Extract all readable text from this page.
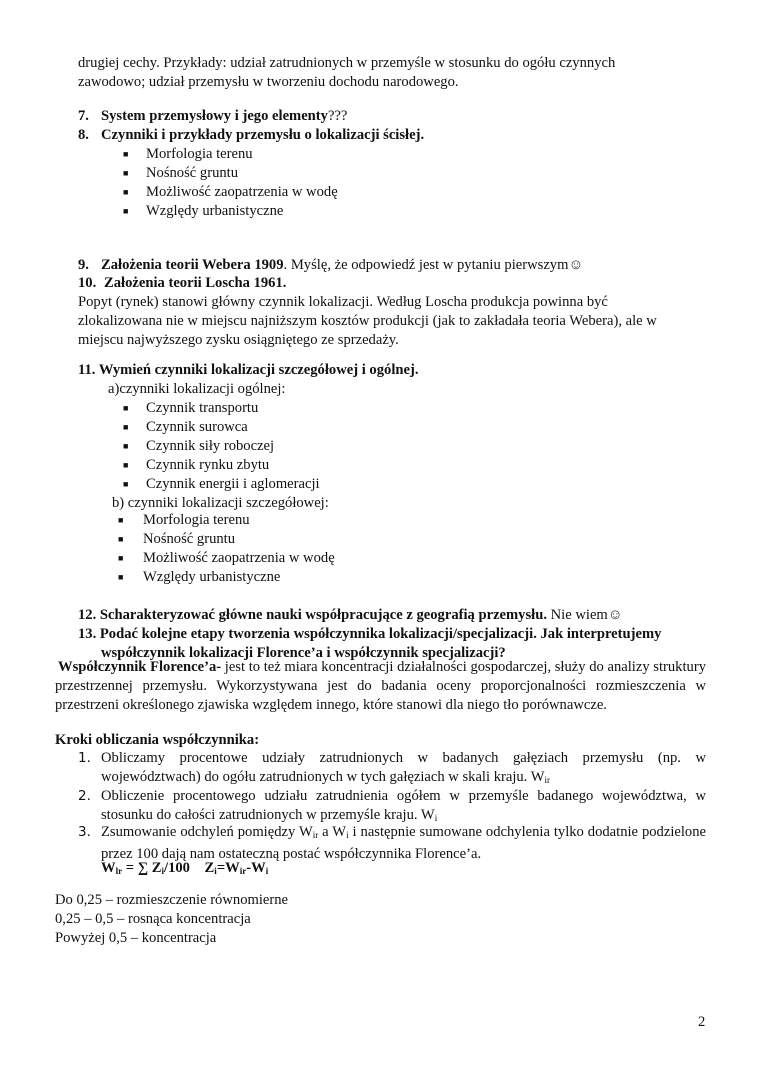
drugiej cechy. Przykłady: udział zatrudnionych w przemyśle w stosunku do ogółu czynnych
zawodowo; udział przemysłu w tworzeniu dochodu narodowego.
7. System przemysłowy i jego elementy???
8. Czynniki i przykłady przemysłu o lokalizacji ścisłej.
■ Morfologia terenu
■ Nośność gruntu
■ Możliwość zaopatrzenia w wodę
■ Względy urbanistyczne
9. Założenia teorii Webera 1909. Myślę, że odpowiedź jest w pytaniu pierwszym☺
10. Założenia teorii Loscha 1961.
Popyt (rynek) stanowi główny czynnik lokalizacji. Według Loscha produkcja powinna być
zlokalizowana nie w miejscu najniższym kosztów produkcji (jak to zakładała teoria Webera), ale w
miejscu najwyższego zysku osiągniętego ze sprzedaży.
11. Wymień czynniki lokalizacji szczegółowej i ogólnej.
a)czynniki lokalizacji ogólnej:
■ Czynnik transportu
■ Czynnik surowca
■ Czynnik siły roboczej
■ Czynnik rynku zbytu
■ Czynnik energii i aglomeracji
b) czynniki lokalizacji szczegółowej:
■ Morfologia terenu
■ Nośność gruntu
■ Możliwość zaopatrzenia w wodę
■ Względy urbanistyczne
12. Scharakteryzować główne nauki współpracujące z geografią przemysłu. Nie wiem☺
13. Podać kolejne etapy tworzenia współczynnika lokalizacji/specjalizacji. Jak interpretujemy
współczynnik lokalizacji Florence’a i współczynnik specjalizacji?
Współczynnik Florence’a- jest to też miara koncentracji działalności gospodarczej, służy do analizy struktury przestrzennej przemysłu. Wykorzystywana jest do badania oceny proporcjonalności rozmieszczenia w przestrzeni określonego zjawiska względem innego, które stanowi dla niego tło porównawcze.
Kroki obliczania współczynnika:
1. Obliczamy procentowe udziały zatrudnionych w badanych gałęziach przemysłu (np. w województwach) do ogółu zatrudnionych w tych gałęziach w skali kraju. $W_{ir}$
2. Obliczenie procentowego udziału zatrudnienia ogółem w przemyśle badanego województwa, w stosunku do całości zatrudnionych w przemyśle kraju. $W_i$
3. Zsumowanie odchyleń pomiędzy $W_{ir}$ a $W_i$ i następnie sumowane odchylenia tylko dodatnie podzielone przez 100 dają nam ostateczną postać współczynnika Florence’a.
$W_{lr}$ = ∑ $Z_i/100$    $Z_i=W_{ir}-W_i$
Do 0,25 – rozmieszczenie równomierne
0,25 – 0,5 – rosnąca koncentracja
Powyżej 0,5 – koncentracja
2
